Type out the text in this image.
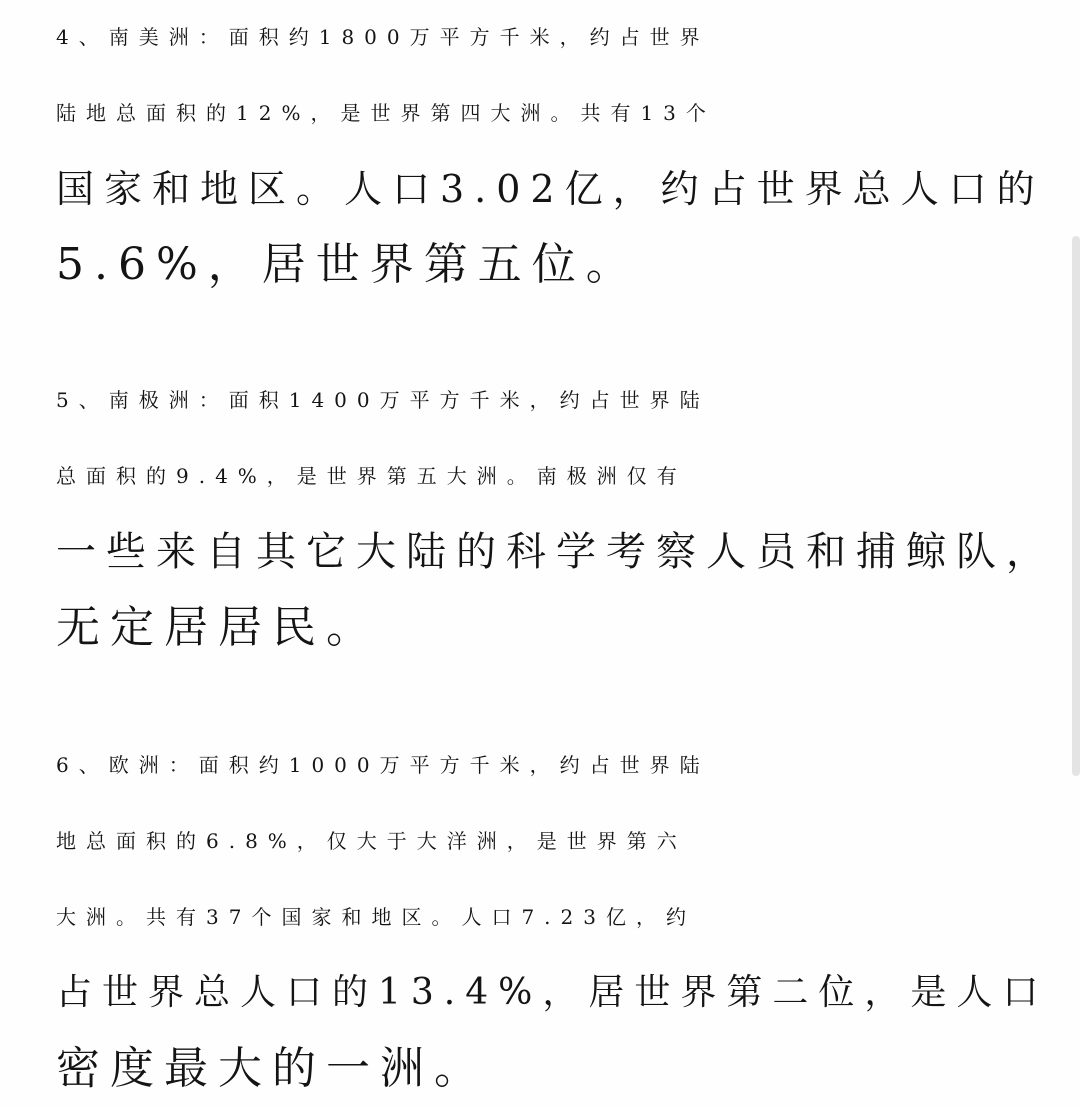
4、南美洲：面积约1800万平方千米，约占世界
陆地总面积的12%，是世界第四大洲。共有13个
国家和地区。人口3.02亿，约占世界总人口的
5.6%，居世界第五位。
5、南极洲：面积1400万平方千米，约占世界陆
总面积的9.4%，是世界第五大洲。南极洲仅有
一些来自其它大陆的科学考察人员和捕鲸队，
无定居居民。
6、欧洲：面积约1000万平方千米，约占世界陆
地总面积的6.8%，仅大于大洋洲，是世界第六
大洲。共有37个国家和地区。人口7.23亿，约
占世界总人口的13.4%，居世界第二位，是人口
密度最大的一洲。
